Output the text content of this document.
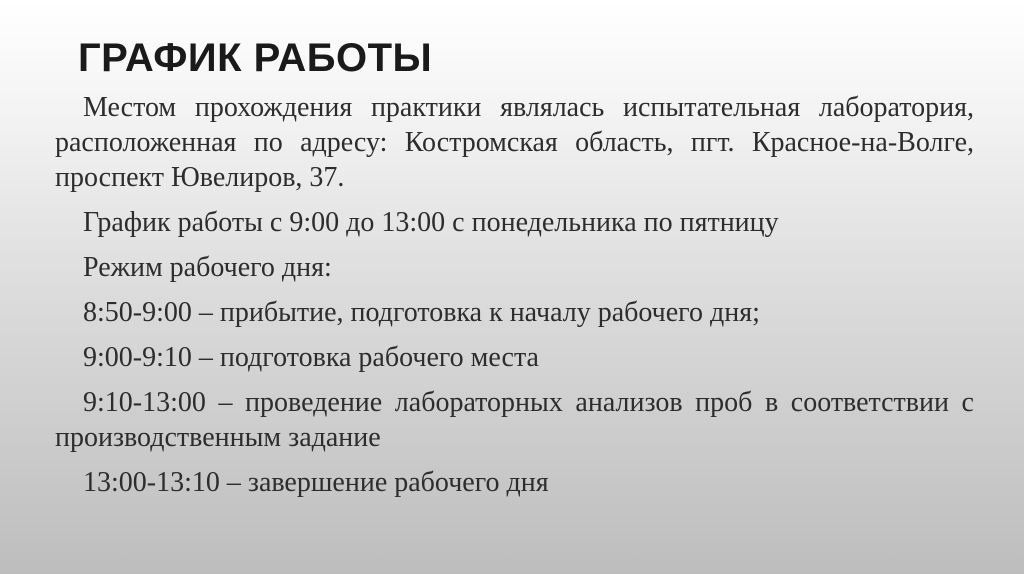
ГРАФИК РАБОТЫ

Местом прохождения практики являлась испытательная лаборатория, расположенная по адресу: Костромская область, пгт. Красное-на-Волге, проспект Ювелиров, 37.

График работы с 9:00 до 13:00 с понедельника по пятницу

Режим рабочего дня:

8:50-9:00 – прибытие, подготовка к началу рабочего дня;

9:00-9:10 – подготовка рабочего места

9:10-13:00 – проведение лабораторных анализов проб в соответствии с производственным задание

13:00-13:10 – завершение рабочего дня
